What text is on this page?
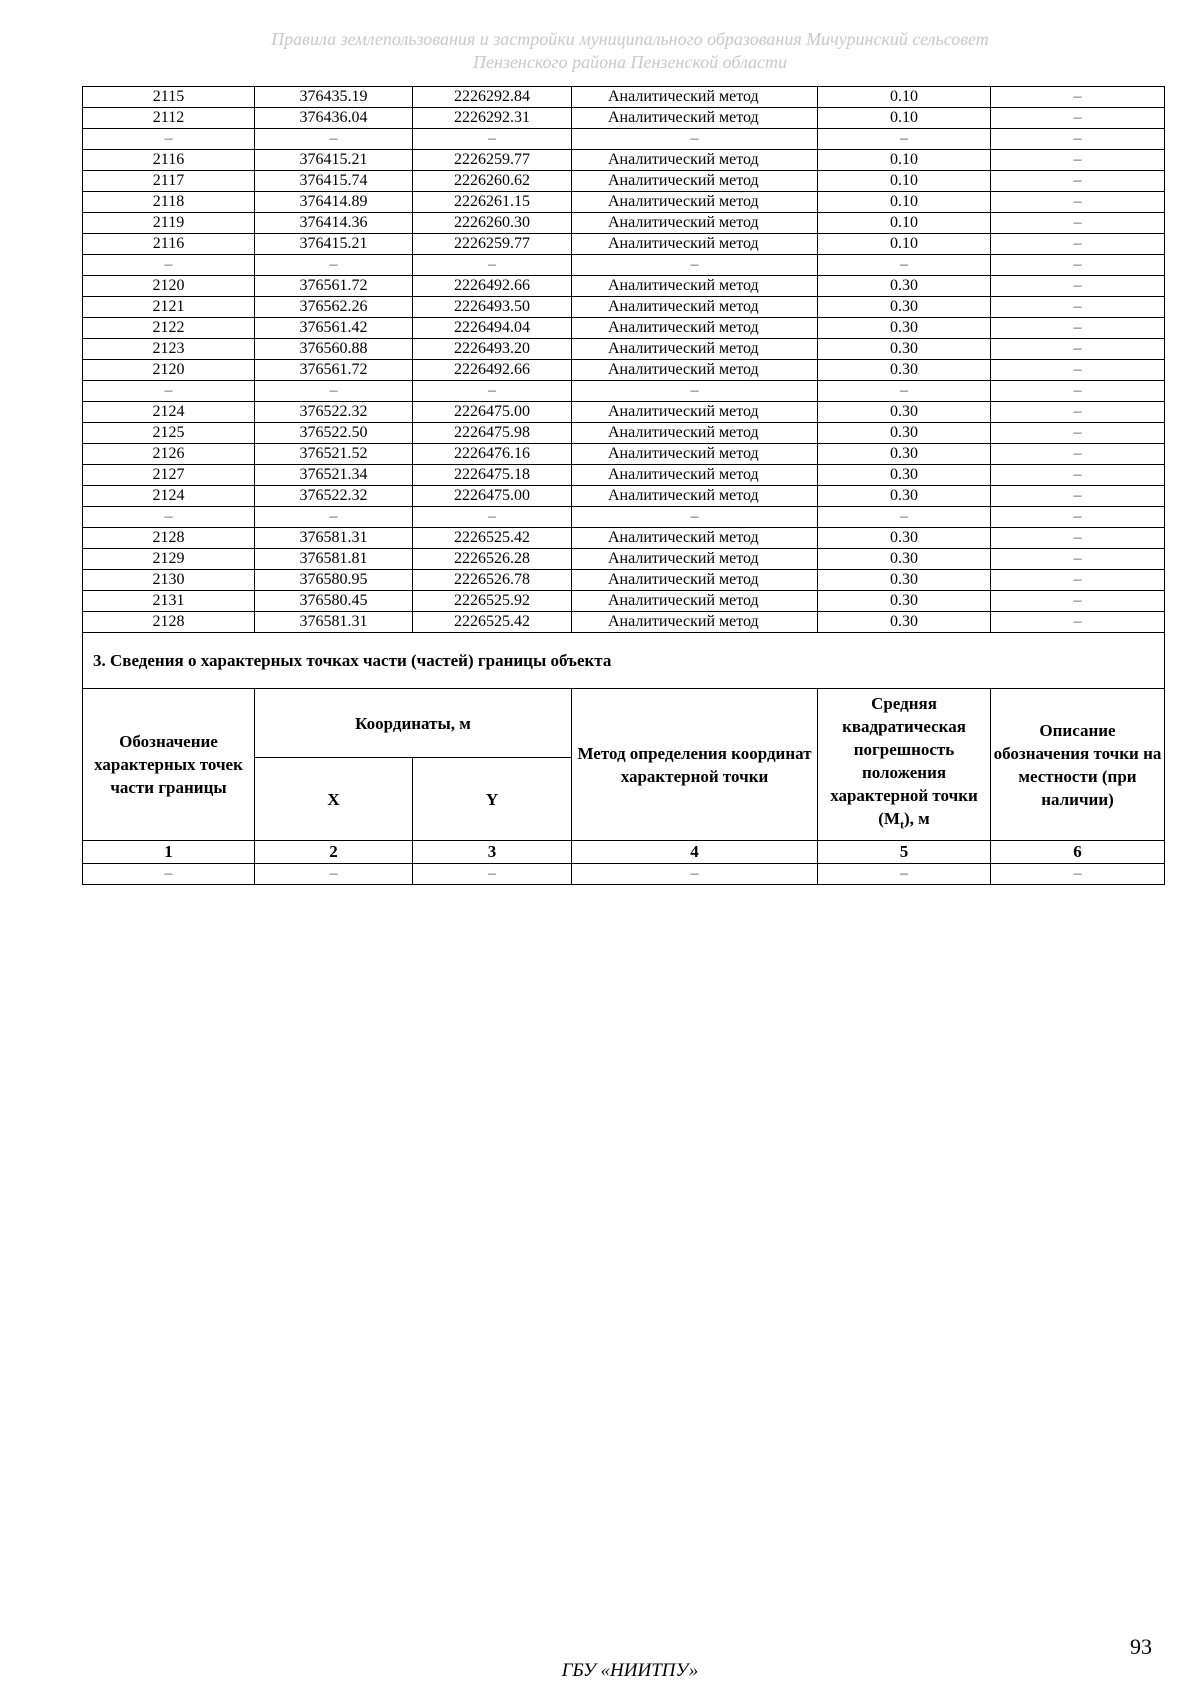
Правила землепользования и застройки муниципального образования Мичуринский сельсовет
Пензенского района Пензенской области
2115	376435.19	2226292.84	Аналитический метод	0.10	–
2112	376436.04	2226292.31	Аналитический метод	0.10	–
–	–	–	–	–	–
2116	376415.21	2226259.77	Аналитический метод	0.10	–
2117	376415.74	2226260.62	Аналитический метод	0.10	–
2118	376414.89	2226261.15	Аналитический метод	0.10	–
2119	376414.36	2226260.30	Аналитический метод	0.10	–
2116	376415.21	2226259.77	Аналитический метод	0.10	–
–	–	–	–	–	–
2120	376561.72	2226492.66	Аналитический метод	0.30	–
2121	376562.26	2226493.50	Аналитический метод	0.30	–
2122	376561.42	2226494.04	Аналитический метод	0.30	–
2123	376560.88	2226493.20	Аналитический метод	0.30	–
2120	376561.72	2226492.66	Аналитический метод	0.30	–
–	–	–	–	–	–
2124	376522.32	2226475.00	Аналитический метод	0.30	–
2125	376522.50	2226475.98	Аналитический метод	0.30	–
2126	376521.52	2226476.16	Аналитический метод	0.30	–
2127	376521.34	2226475.18	Аналитический метод	0.30	–
2124	376522.32	2226475.00	Аналитический метод	0.30	–
–	–	–	–	–	–
2128	376581.31	2226525.42	Аналитический метод	0.30	–
2129	376581.81	2226526.28	Аналитический метод	0.30	–
2130	376580.95	2226526.78	Аналитический метод	0.30	–
2131	376580.45	2226525.92	Аналитический метод	0.30	–
2128	376581.31	2226525.42	Аналитический метод	0.30	–
3. Сведения о характерных точках части (частей) границы объекта					
Обозначение характерных точек части границы	Координаты, м		Метод определения координат характерной точки	Средняя квадратическая погрешность положения характерной точки $(M_t)$, м	Описание обозначения точки на местности (при наличии)
	X	Y			
1	2	3	4	5	6
–	–	–	–	–	–
93
ГБУ «НИИТПУ»
